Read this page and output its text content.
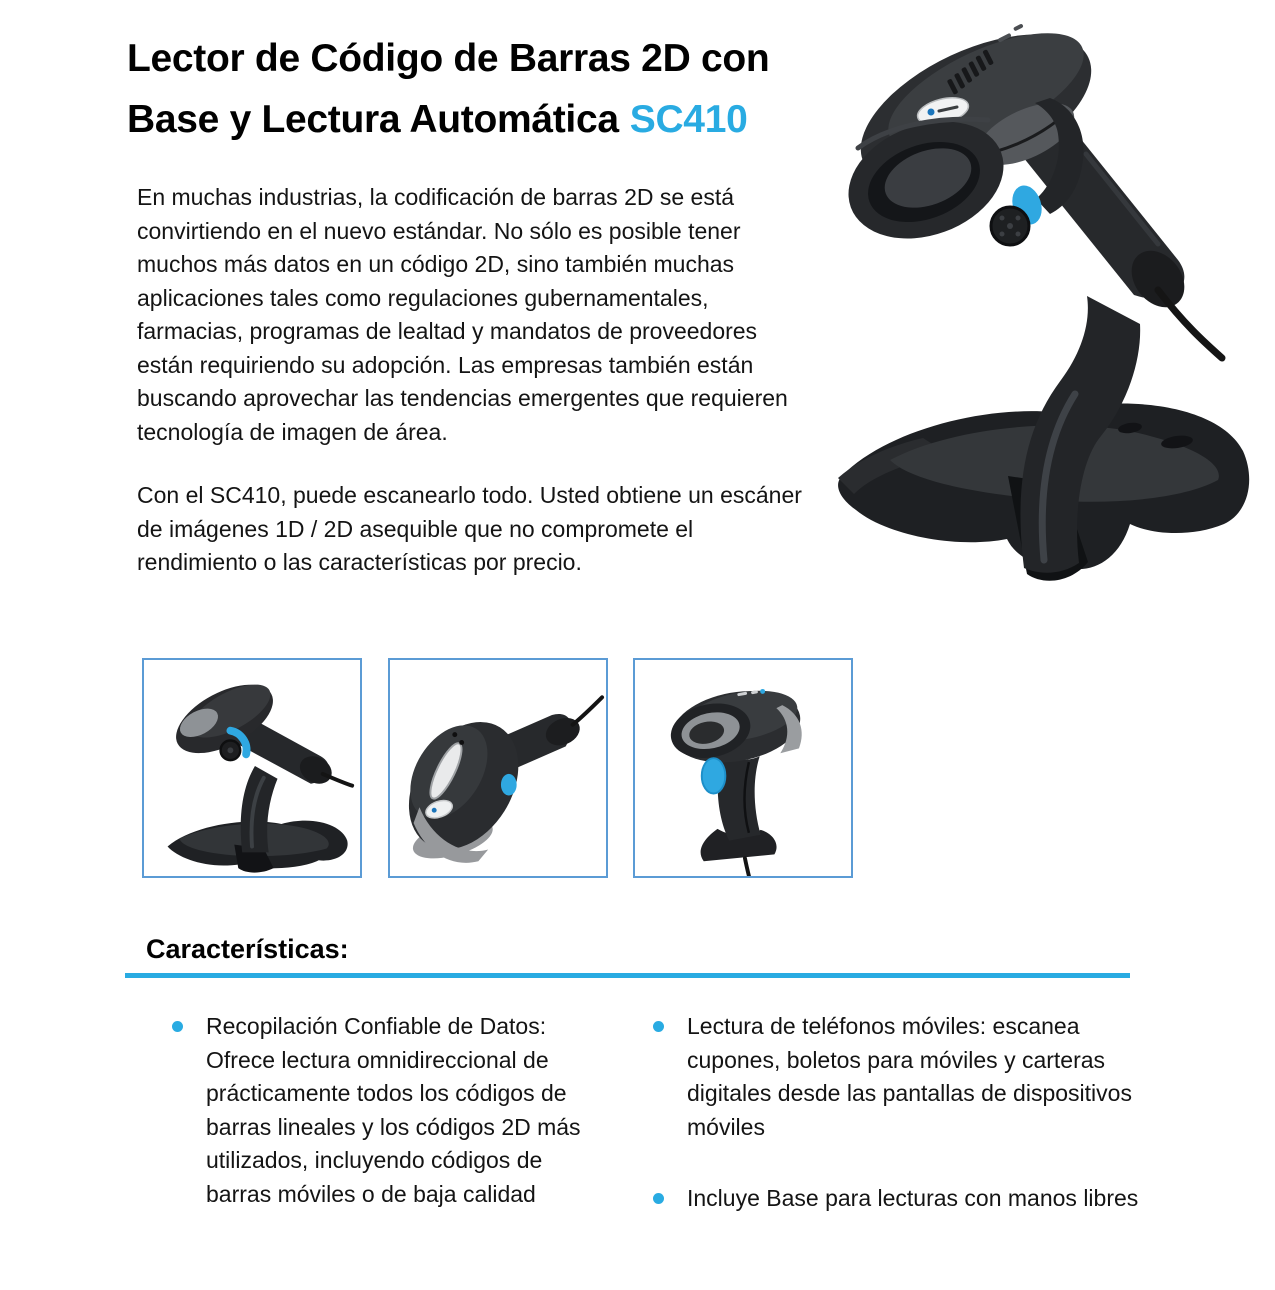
Lector de Código de Barras 2D con
Base y Lectura Automática SC410

En muchas industrias, la codificación de barras 2D se está convirtiendo en el nuevo estándar. No sólo es posible tener muchos más datos en un código 2D, sino también muchas aplicaciones tales como regulaciones gubernamentales, farmacias, programas de lealtad y mandatos de proveedores están requiriendo su adopción. Las empresas también están buscando aprovechar las tendencias emergentes que requieren tecnología de imagen de área.

Con el SC410, puede escanearlo todo. Usted obtiene un escáner de imágenes 1D / 2D asequible que no compromete el rendimiento o las características por precio.

Características:
Recopilación Confiable de Datos: Ofrece lectura omnidireccional de prácticamente todos los códigos de barras lineales y los códigos 2D más utilizados, incluyendo códigos de barras móviles o de baja calidad
Lectura de teléfonos móviles: escanea cupones, boletos para móviles y carteras digitales desde las pantallas de dispositivos móviles
Incluye Base para lecturas con manos libres
